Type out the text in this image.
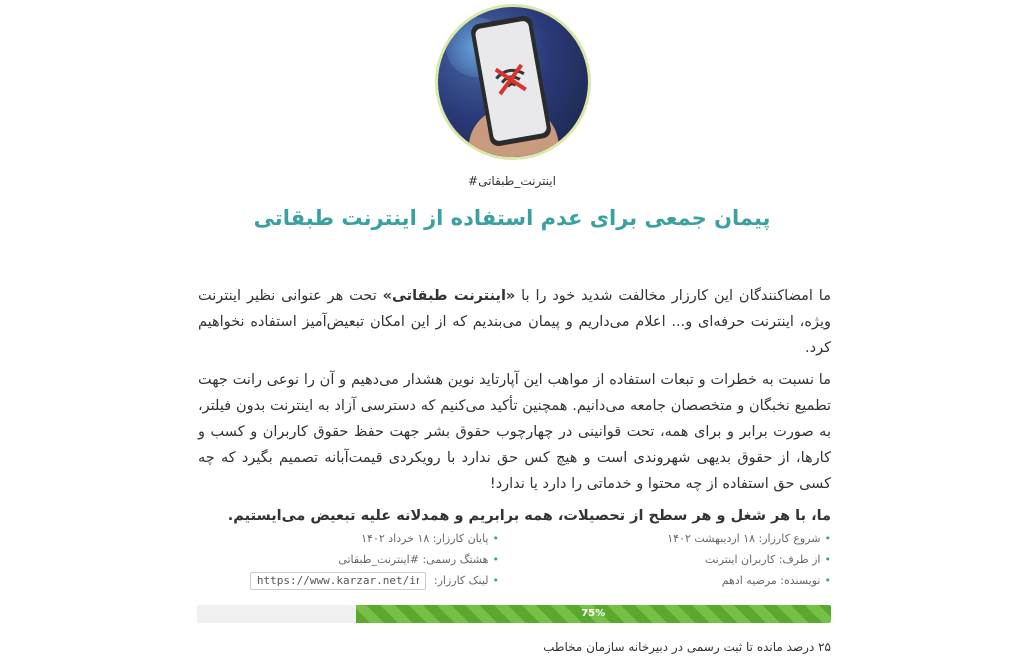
#اینترنت_طبقاتی
پیمان جمعی برای عدم استفاده از اینترنت طبقاتی

ما امضاکنندگان این کارزار مخالفت شدید خود را با «اینترنت طبقاتی» تحت هر عنوانی نظیر اینترنت ویژه، اینترنت حرفه‌ای و... اعلام می‌داریم و پیمان می‌بندیم که از این امکان تبعیض‌آمیز استفاده نخواهیم کرد.

ما نسبت به خطرات و تبعات استفاده از مواهب این آپارتاید نوین هشدار می‌دهیم و آن را نوعی رانت جهت تطمیع نخبگان و متخصصان جامعه می‌دانیم. همچنین تأکید می‌کنیم که دسترسی آزاد به اینترنت بدون فیلتر، به صورت برابر و برای همه، تحت قوانینی در چهارچوب حقوق بشر جهت حفظ حقوق کاربران و کسب و کارها، از حقوق بدیهی شهروندی است و هیچ کس حق ندارد با رویکردی قیمت‌آبانه تصمیم بگیرد که چه کسی حق استفاده از چه محتوا و خدماتی را دارد یا ندارد!

ما، با هر شغل و هر سطح از تحصیلات، همه برابریم و همدلانه علیه تبعیض می‌ایستیم.

•شروع کارزار: ۱۸ اردیبهشت ۱۴۰۲
•از طرف: کاربران اینترنت
•نویسنده: مرضیه ادهم
•پایان کارزار: ۱۸ خرداد ۱۴۰۲
•هشتگ رسمی: #اینترنت_طبقاتی
•
لینک کارزار:
https://www.karzar.net/interne
75%
۲۵ درصد مانده تا ثبت رسمی در دبیرخانه سازمان مخاطب
